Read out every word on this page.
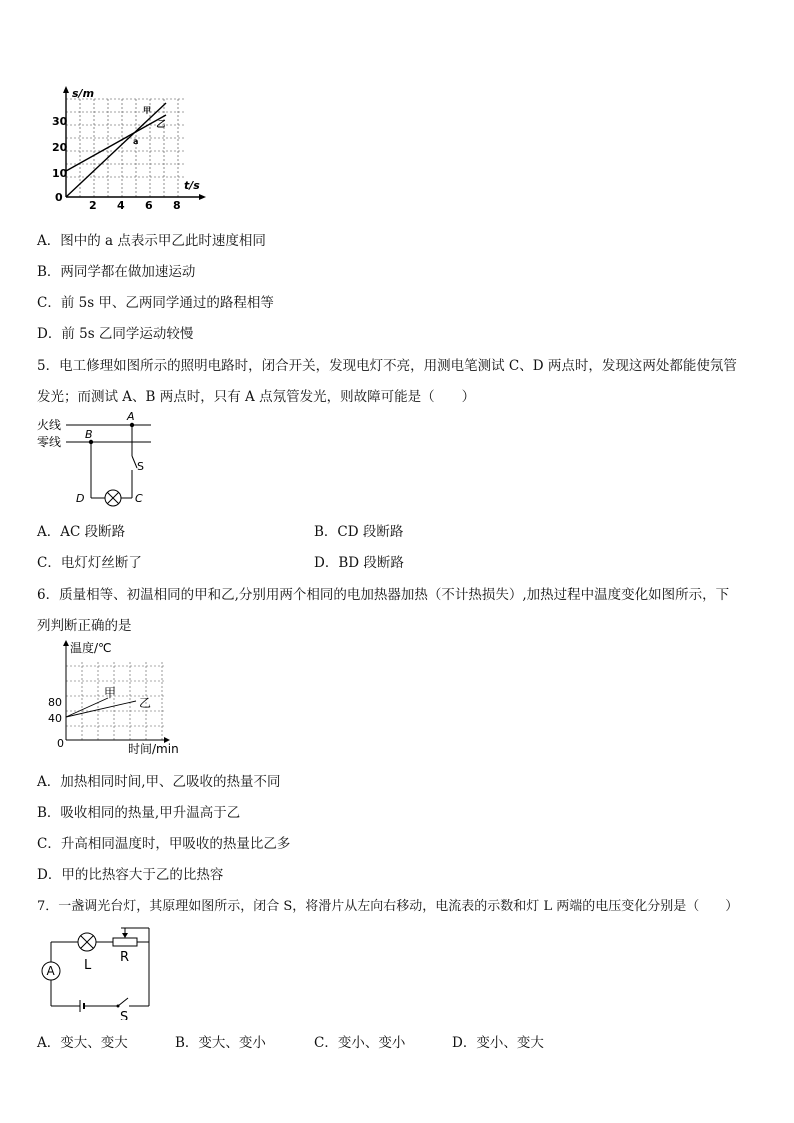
s/m
t/s
30
20
10
0
2 4 6 8
甲
乙
a
A．图中的 a 点表示甲乙此时速度相同
B．两同学都在做加速运动
C．前 5s 甲、乙两同学通过的路程相等
D．前 5s 乙同学运动较慢
5．电工修理如图所示的照明电路时，闭合开关，发现电灯不亮，用测电笔测试 C、D 两点时，发现这两处都能使氖管
发光；而测试 A、B 两点时，只有 A 点氖管发光，则故障可能是（　　）
火线
零线
A
B
S
D	C
A．AC 段断路	B．CD 段断路
C．电灯灯丝断了	D．BD 段断路
6．质量相等、初温相同的甲和乙,分别用两个相同的电加热器加热（不计热损失）,加热过程中温度变化如图所示，下
列判断正确的是
温度/℃
时间/min
80
40
0
甲
乙
A．加热相同时间,甲、乙吸收的热量不同
B．吸收相同的热量,甲升温高于乙
C．升高相同温度时，甲吸收的热量比乙多
D．甲的比热容大于乙的比热容
7．一盏调光台灯，其原理如图所示，闭合 S，将滑片从左向右移动，电流表的示数和灯 L 两端的电压变化分别是（　　）
A L
R
S
A．变大、变大	B．变大、变小	C．变小、变小	D．变小、变大
